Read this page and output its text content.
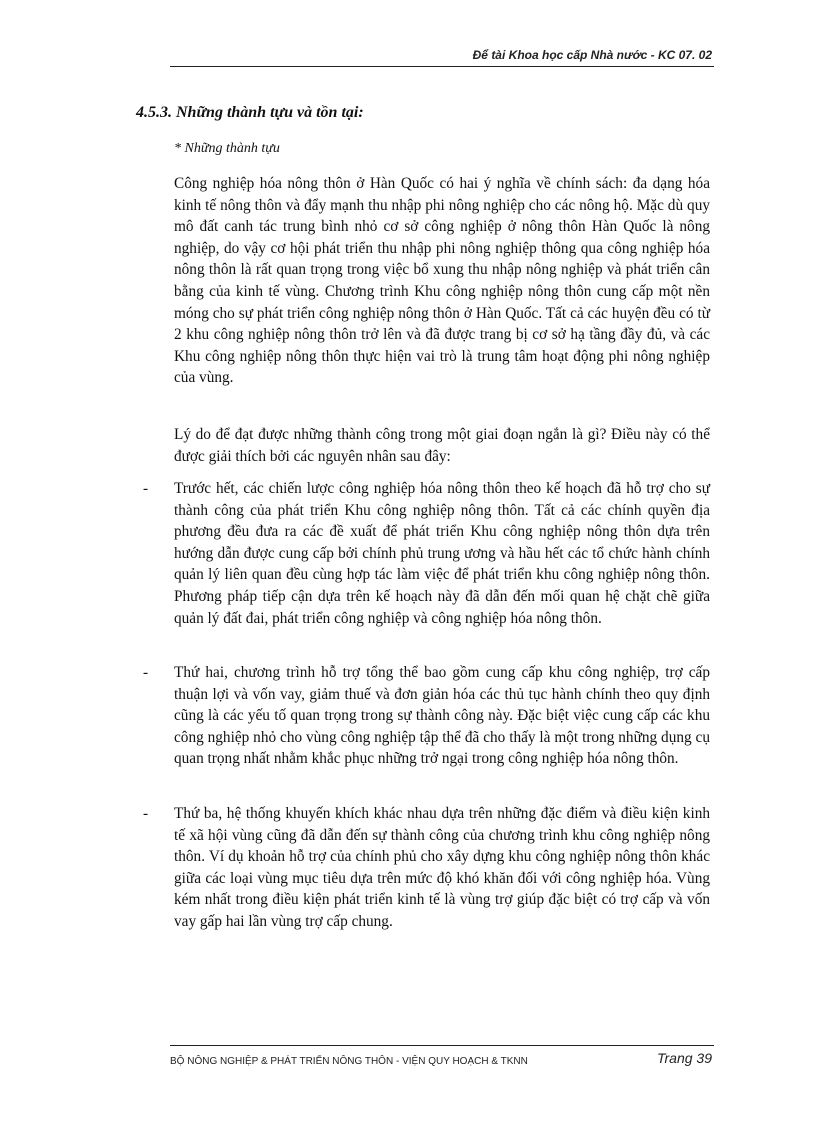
Để tài Khoa học cấp Nhà nước - KC 07. 02
4.5.3. Những thành tựu và tồn tại:

* Những thành tựu

Công nghiệp hóa nông thôn ở Hàn Quốc có hai ý nghĩa về chính sách: đa dạng hóa kinh tế nông thôn và đẩy mạnh thu nhập phi nông nghiệp cho các nông hộ. Mặc dù quy mô đất canh tác trung bình nhỏ cơ sở công nghiệp ở nông thôn Hàn Quốc là nông nghiệp, do vậy cơ hội phát triển thu nhập phi nông nghiệp thông qua công nghiệp hóa nông thôn là rất quan trọng trong việc bổ xung thu nhập nông nghiệp và phát triển cân bằng của kinh tế vùng. Chương trình Khu công nghiệp nông thôn cung cấp một nền móng cho sự phát triển công nghiệp nông thôn ở Hàn Quốc. Tất cả các huyện đều có từ 2 khu công nghiệp nông thôn trở lên và đã được trang bị cơ sở hạ tầng đầy đủ, và các Khu công nghiệp nông thôn thực hiện vai trò là trung tâm hoạt động phi nông nghiệp của vùng.

Lý do để đạt được những thành công trong một giai đoạn ngắn là gì? Điều này có thể được giải thích bởi các nguyên nhân sau đây:

- Trước hết, các chiến lược công nghiệp hóa nông thôn theo kế hoạch đã hỗ trợ cho sự thành công của phát triển Khu công nghiệp nông thôn. Tất cả các chính quyền địa phương đều đưa ra các đề xuất để phát triển Khu công nghiệp nông thôn dựa trên hướng dẫn được cung cấp bởi chính phủ trung ương và hầu hết các tổ chức hành chính quản lý liên quan đều cùng hợp tác làm việc để phát triển khu công nghiệp nông thôn. Phương pháp tiếp cận dựa trên kế hoạch này đã dẫn đến mối quan hệ chặt chẽ giữa quản lý đất đai, phát triển công nghiệp và công nghiệp hóa nông thôn.
- Thứ hai, chương trình hỗ trợ tổng thể bao gồm cung cấp khu công nghiệp, trợ cấp thuận lợi và vốn vay, giảm thuế và đơn giản hóa các thủ tục hành chính theo quy định cũng là các yếu tố quan trọng trong sự thành công này. Đặc biệt việc cung cấp các khu công nghiệp nhỏ cho vùng công nghiệp tập thể đã cho thấy là một trong những dụng cụ quan trọng nhất nhằm khắc phục những trở ngại trong công nghiệp hóa nông thôn.
- Thứ ba, hệ thống khuyến khích khác nhau dựa trên những đặc điểm và điều kiện kinh tế xã hội vùng cũng đã dẫn đến sự thành công của chương trình khu công nghiệp nông thôn. Ví dụ khoản hỗ trợ của chính phủ cho xây dựng khu công nghiệp nông thôn khác giữa các loại vùng mục tiêu dựa trên mức độ khó khăn đối với công nghiệp hóa. Vùng kém nhất trong điều kiện phát triển kinh tế là vùng trợ giúp đặc biệt có trợ cấp và vốn vay gấp hai lần vùng trợ cấp chung.
BỘ NÔNG NGHIỆP & PHÁT TRIỂN NÔNG THÔN - VIỆN QUY HOẠCH & TKNN	Trang 39
